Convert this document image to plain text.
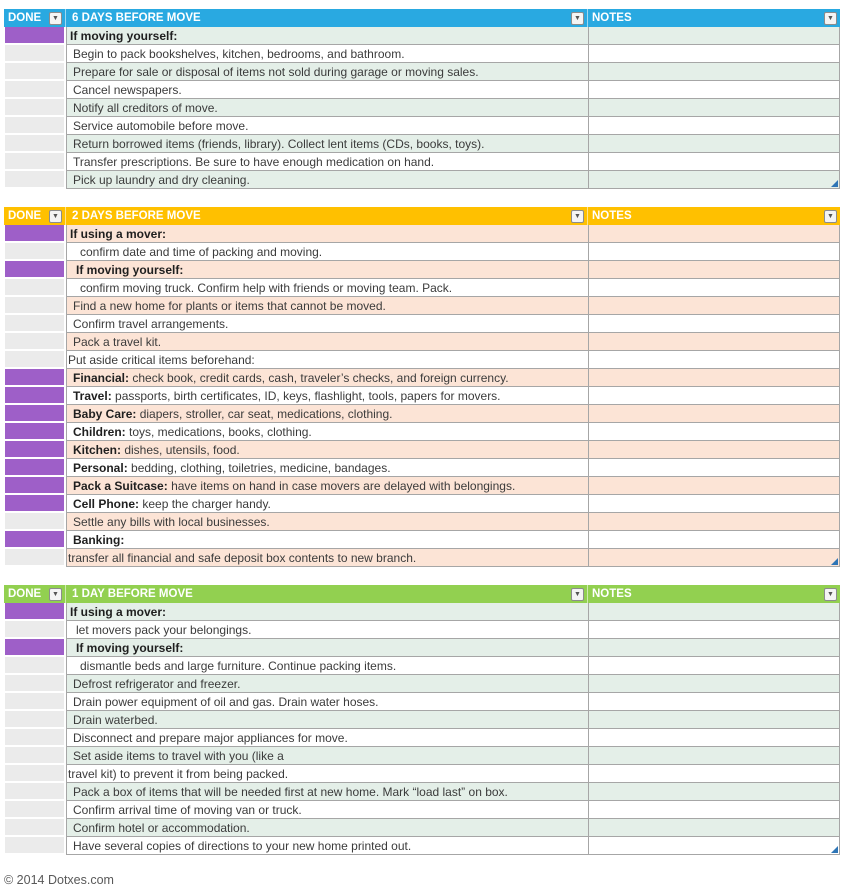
DONE	▼ 6 DAYS BEFORE MOVE	▼ NOTES	▼
If moving yourself:
Begin to pack bookshelves, kitchen, bedrooms, and bathroom.
Prepare for sale or disposal of items not sold during garage or moving sales.
Cancel newspapers.
Notify all creditors of move.
Service automobile before move.
Return borrowed items (friends, library). Collect lent items (CDs, books, toys).
Transfer prescriptions. Be sure to have enough medication on hand.
Pick up laundry and dry cleaning.
DONE	▼ 2 DAYS BEFORE MOVE	▼ NOTES	▼
If using a mover:
confirm date and time of packing and moving.
If moving yourself:
confirm moving truck. Confirm help with friends or moving team. Pack.
Find a new home for plants or items that cannot be moved.
Confirm travel arrangements.
Pack a travel kit.
Put aside critical items beforehand:
Financial: check book, credit cards, cash, traveler’s checks, and foreign currency.
Travel: passports, birth certificates, ID, keys, flashlight, tools, papers for movers.
Baby Care: diapers, stroller, car seat, medications, clothing.
Children: toys, medications, books, clothing.
Kitchen: dishes, utensils, food.
Personal: bedding, clothing, toiletries, medicine, bandages.
Pack a Suitcase: have items on hand in case movers are delayed with belongings.
Cell Phone: keep the charger handy.
Settle any bills with local businesses.
Banking:
transfer all financial and safe deposit box contents to new branch.
DONE	▼ 1 DAY BEFORE MOVE	▼ NOTES	▼
If using a mover:
let movers pack your belongings.
If moving yourself:
dismantle beds and large furniture. Continue packing items.
Defrost refrigerator and freezer.
Drain power equipment of oil and gas. Drain water hoses.
Drain waterbed.
Disconnect and prepare major appliances for move.
Set aside items to travel with you (like a
travel kit) to prevent it from being packed.
Pack a box of items that will be needed first at new home. Mark “load last” on box.
Confirm arrival time of moving van or truck.
Confirm hotel or accommodation.
Have several copies of directions to your new home printed out.
© 2014 Dotxes.com
